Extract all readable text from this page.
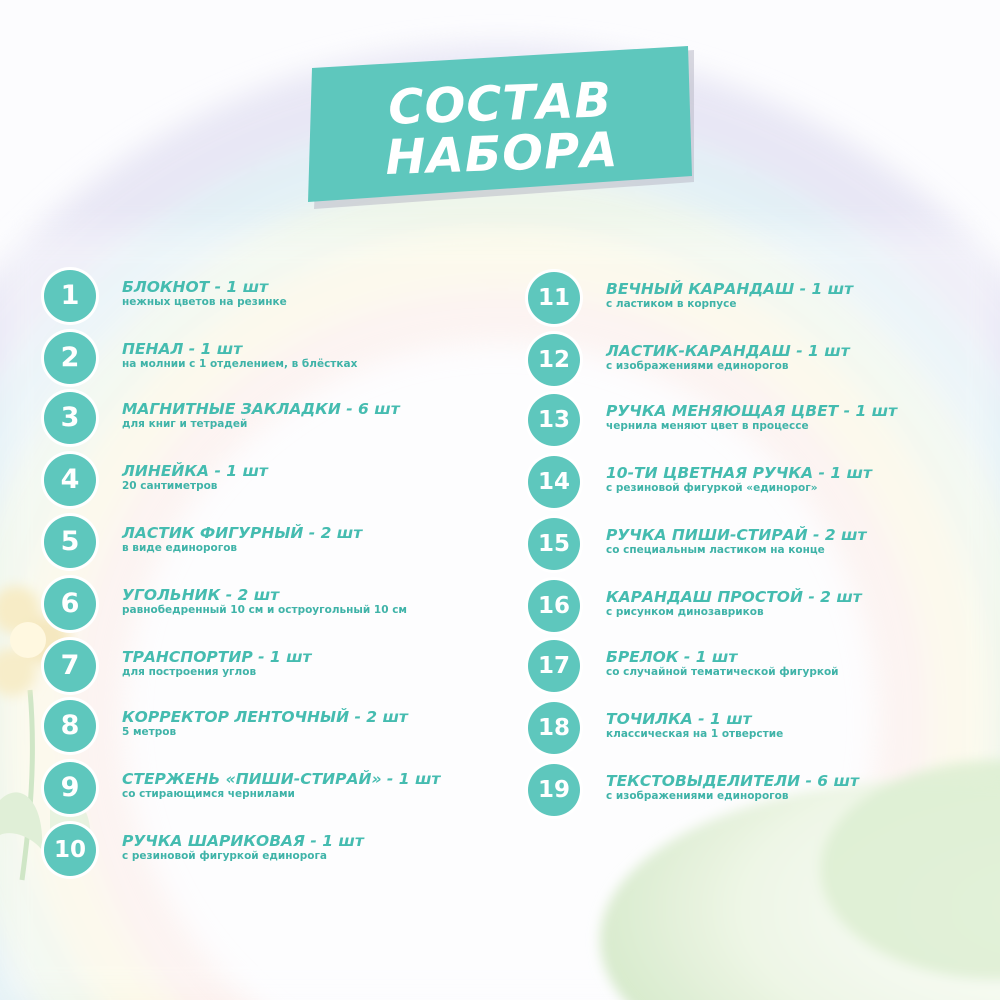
СОСТАВ
НАБОРА
1	БЛОКНОТ - 1 шт
нежных цветов на резинке
2	ПЕНАЛ - 1 шт
на молнии с 1 отделением, в блёстках
3	МАГНИТНЫЕ ЗАКЛАДКИ - 6 шт
для книг и тетрадей
4	ЛИНЕЙКА - 1 шт
20 сантиметров
5	ЛАСТИК ФИГУРНЫЙ - 2 шт
в виде единорогов
6	УГОЛЬНИК - 2 шт
равнобедренный 10 см и остроугольный 10 см
7	ТРАНСПОРТИР - 1 шт
для построения углов
8	КОРРЕКТОР ЛЕНТОЧНЫЙ - 2 шт
5 метров
9	СТЕРЖЕНЬ «ПИШИ-СТИРАЙ» - 1 шт
со стирающимся чернилами
10	РУЧКА ШАРИКОВАЯ - 1 шт
с резиновой фигуркой единорога
11	ВЕЧНЫЙ КАРАНДАШ - 1 шт
с ластиком в корпусе
12	ЛАСТИК-КАРАНДАШ - 1 шт
с изображениями единорогов
13	РУЧКА МЕНЯЮЩАЯ ЦВЕТ - 1 шт
чернила меняют цвет в процессе
14	10-ТИ ЦВЕТНАЯ РУЧКА - 1 шт
с резиновой фигуркой «единорог»
15	РУЧКА ПИШИ-СТИРАЙ - 2 шт
со специальным ластиком на конце
16	КАРАНДАШ ПРОСТОЙ - 2 шт
с рисунком динозавриков
17	БРЕЛОК - 1 шт
со случайной тематической фигуркой
18	ТОЧИЛКА - 1 шт
классическая на 1 отверстие
19	ТЕКСТОВЫДЕЛИТЕЛИ - 6 шт
с изображениями единорогов
